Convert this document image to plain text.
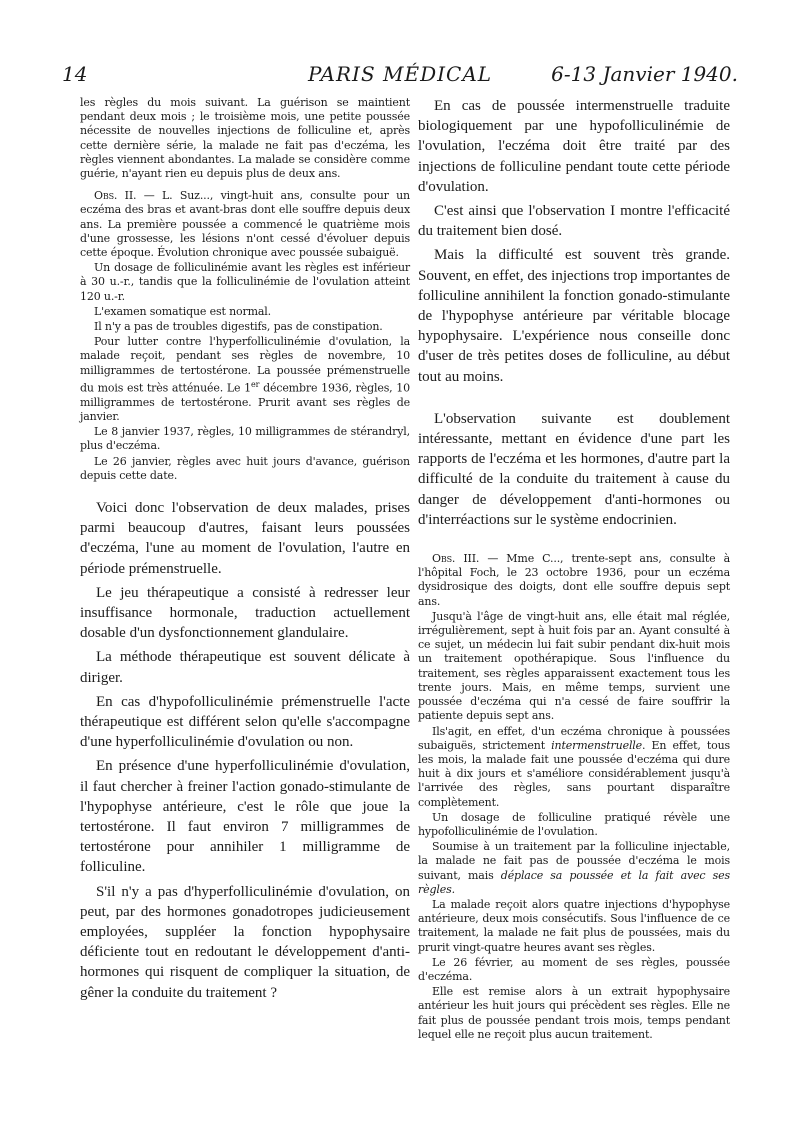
14	PARIS MÉDICAL	6-13 Janvier 1940.

les règles du mois suivant. La guérison se maintient pendant deux mois ; le troisième mois, une petite poussée nécessite de nouvelles injections de folliculine et, après cette dernière série, la malade ne fait pas d'eczéma, les règles viennent abondantes. La malade se considère comme guérie, n'ayant rien eu depuis plus de deux ans.

Obs. II. — L. Suz..., vingt-huit ans, consulte pour un eczéma des bras et avant-bras dont elle souffre depuis deux ans. La première poussée a commencé le quatrième mois d'une grossesse, les lésions n'ont cessé d'évoluer depuis cette époque. Évolution chronique avec poussée subaiguë.

Un dosage de folliculinémie avant les règles est inférieur à 30 u.-r., tandis que la folliculinémie de l'ovulation atteint 120 u.-r.

L'examen somatique est normal.

Il n'y a pas de troubles digestifs, pas de constipation.

Pour lutter contre l'hyperfolliculinémie d'ovulation, la malade reçoit, pendant ses règles de novembre, 10 milligrammes de tertostérone. La poussée prémenstruelle du mois est très atténuée. Le 1er décembre 1936, règles, 10 milligrammes de tertostérone. Prurit avant ses règles de janvier.

Le 8 janvier 1937, règles, 10 milligrammes de stérandryl, plus d'eczéma.

Le 26 janvier, règles avec huit jours d'avance, guérison depuis cette date.

Voici donc l'observation de deux malades, prises parmi beaucoup d'autres, faisant leurs poussées d'eczéma, l'une au moment de l'ovulation, l'autre en période prémenstruelle.

Le jeu thérapeutique a consisté à redresser leur insuffisance hormonale, traduction actuellement dosable d'un dysfonctionnement glandulaire.

La méthode thérapeutique est souvent délicate à diriger.

En cas d'hypofolliculinémie prémenstruelle l'acte thérapeutique est différent selon qu'elle s'accompagne d'une hyperfolliculinémie d'ovulation ou non.

En présence d'une hyperfolliculinémie d'ovulation, il faut chercher à freiner l'action gonado-stimulante de l'hypophyse antérieure, c'est le rôle que joue la tertostérone. Il faut environ 7 milligrammes de tertostérone pour annihiler 1 milligramme de folliculine.

S'il n'y a pas d'hyperfolliculinémie d'ovulation, on peut, par des hormones gonadotropes judicieusement employées, suppléer la fonction hypophysaire déficiente tout en redoutant le développement d'anti-hormones qui risquent de compliquer la situation, de gêner la conduite du traitement ?

En cas de poussée intermenstruelle traduite biologiquement par une hypofolliculinémie de l'ovulation, l'eczéma doit être traité par des injections de folliculine pendant toute cette période d'ovulation.

C'est ainsi que l'observation I montre l'efficacité du traitement bien dosé.

Mais la difficulté est souvent très grande. Souvent, en effet, des injections trop importantes de folliculine annihilent la fonction gonado-stimulante de l'hypophyse antérieure par véritable blocage hypophysaire. L'expérience nous conseille donc d'user de très petites doses de folliculine, au début tout au moins.

L'observation suivante est doublement intéressante, mettant en évidence d'une part les rapports de l'eczéma et les hormones, d'autre part la difficulté de la conduite du traitement à cause du danger de développement d'anti-hormones ou d'interréactions sur le système endocrinien.

Obs. III. — Mme C..., trente-sept ans, consulte à l'hôpital Foch, le 23 octobre 1936, pour un eczéma dysidrosique des doigts, dont elle souffre depuis sept ans.

Jusqu'à l'âge de vingt-huit ans, elle était mal réglée, irrégulièrement, sept à huit fois par an. Ayant consulté à ce sujet, un médecin lui fait subir pendant dix-huit mois un traitement opothérapique. Sous l'influence du traitement, ses règles apparaissent exactement tous les trente jours. Mais, en même temps, survient une poussée d'eczéma qui n'a cessé de faire souffrir la patiente depuis sept ans.

Ils'agit, en effet, d'un eczéma chronique à poussées subaiguës, strictement intermenstruelle. En effet, tous les mois, la malade fait une poussée d'eczéma qui dure huit à dix jours et s'améliore considérablement jusqu'à l'arrivée des règles, sans pourtant disparaître complètement.

Un dosage de folliculine pratiqué révèle une hypofolliculinémie de l'ovulation.

Soumise à un traitement par la folliculine injectable, la malade ne fait pas de poussée d'eczéma le mois suivant, mais déplace sa poussée et la fait avec ses règles.

La malade reçoit alors quatre injections d'hypophyse antérieure, deux mois consécutifs. Sous l'influence de ce traitement, la malade ne fait plus de poussées, mais du prurit vingt-quatre heures avant ses règles.

Le 26 février, au moment de ses règles, poussée d'eczéma.

Elle est remise alors à un extrait hypophysaire antérieur les huit jours qui précèdent ses règles. Elle ne fait plus de poussée pendant trois mois, temps pendant lequel elle ne reçoit plus aucun traitement.
